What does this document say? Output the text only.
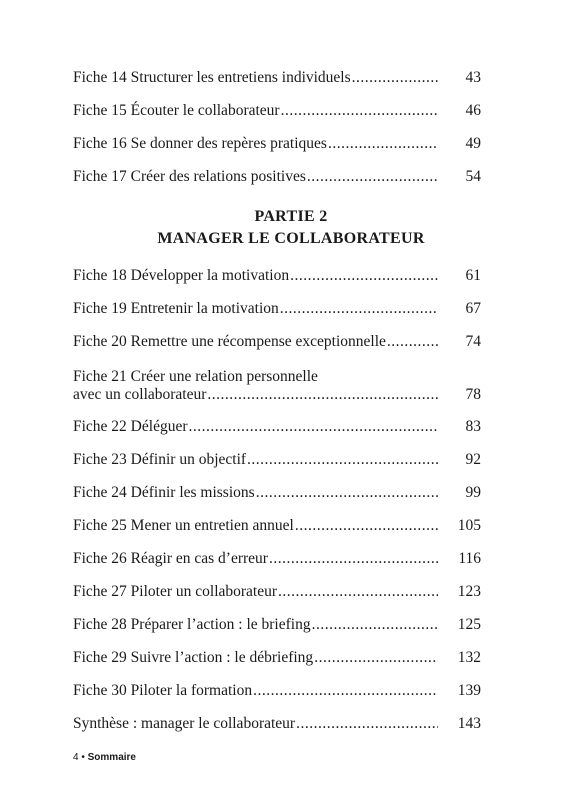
Fiche 14 Structurer les entretiens individuels .....	43
Fiche 15 Écouter le collaborateur .....	46
Fiche 16 Se donner des repères pratiques .....	49
Fiche 17 Créer des relations positives .....	54
PARTIE 2
MANAGER LE COLLABORATEUR
Fiche 18 Développer la motivation .....	61
Fiche 19 Entretenir la motivation .....	67
Fiche 20 Remettre une récompense exceptionnelle .....	74
Fiche 21 Créer une relation personnelle
avec un collaborateur .....	78
Fiche 22 Déléguer .....	83
Fiche 23 Définir un objectif .....	92
Fiche 24 Définir les missions .....	99
Fiche 25 Mener un entretien annuel .....	105
Fiche 26 Réagir en cas d’erreur .....	116
Fiche 27 Piloter un collaborateur .....	123
Fiche 28 Préparer l’action : le briefing .....	125
Fiche 29 Suivre l’action : le débriefing .....	132
Fiche 30 Piloter la formation .....	139
Synthèse : manager le collaborateur .....	143
4 • Sommaire
